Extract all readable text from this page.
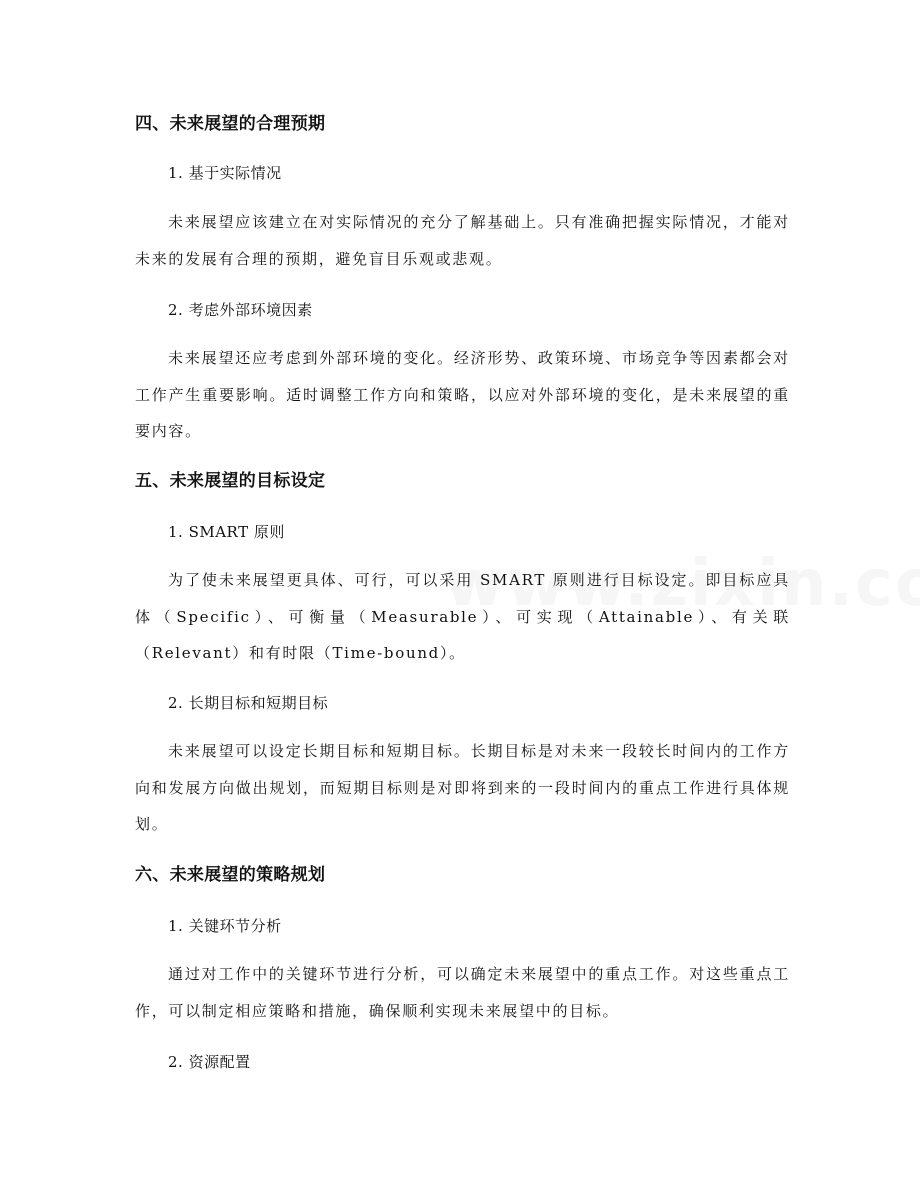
四、未来展望的合理预期
1. 基于实际情况
未来展望应该建立在对实际情况的充分了解基础上。只有准确把握实际情况，才能对未来的发展有合理的预期，避免盲目乐观或悲观。
2. 考虑外部环境因素
未来展望还应考虑到外部环境的变化。经济形势、政策环境、市场竞争等因素都会对工作产生重要影响。适时调整工作方向和策略，以应对外部环境的变化，是未来展望的重要内容。
五、未来展望的目标设定
1. SMART 原则
为了使未来展望更具体、可行，可以采用 SMART 原则进行目标设定。即目标应具体（Specific）、可衡量（Measurable）、可实现（Attainable）、有关联（Relevant）和有时限（Time-bound）。
2. 长期目标和短期目标
未来展望可以设定长期目标和短期目标。长期目标是对未来一段较长时间内的工作方向和发展方向做出规划，而短期目标则是对即将到来的一段时间内的重点工作进行具体规划。
六、未来展望的策略规划
1. 关键环节分析
通过对工作中的关键环节进行分析，可以确定未来展望中的重点工作。对这些重点工作，可以制定相应策略和措施，确保顺利实现未来展望中的目标。
2. 资源配置
